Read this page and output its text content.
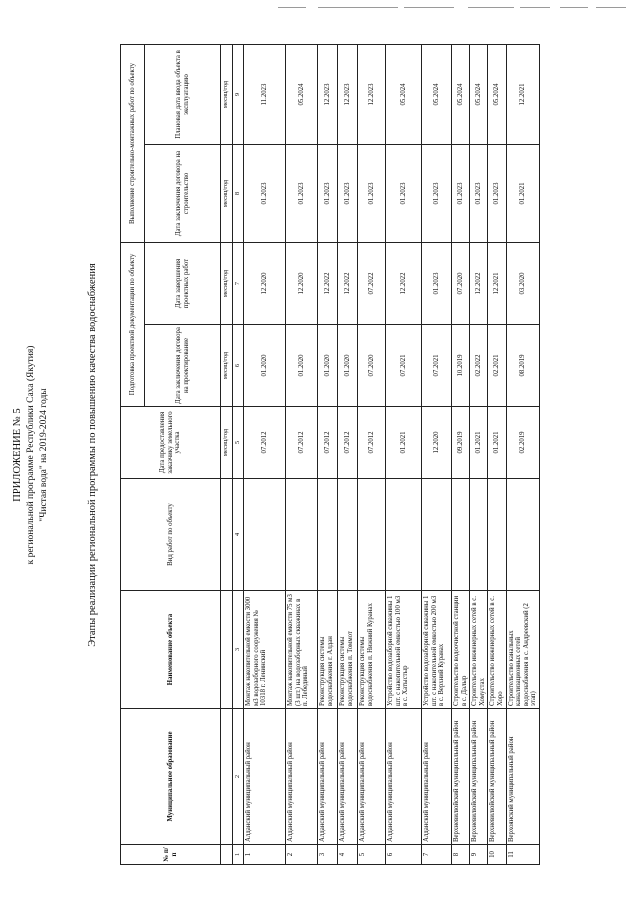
ПРИЛОЖЕНИЕ № 5 к региональной программе Республики Саха (Якутия) "Чистая вода" на 2019-2024 годы	Этапы реализации региональной программы по повышению качества водоснабжения
№ п/п	Муниципальное образование	Наименование объекта	Вид работ по объекту	Дата предоставления заказчику земельного участка	Подготовка проектной документации по объекту		Выполнение строительно-монтажных работ по объекту	
					Дата заключения договора на проектирование	Дата завершения проектных работ	Дата заключения договора на строительство	Плановая дата ввода объекта в эксплуатацию
				месяц/год	месяц/год	месяц/год	месяц/год	месяц/год
1	2	3	4	5	6	7	8	9
1	Алданский муниципальный район	Монтаж накопительной емкости 3000 м3 водозаборного сооружения № 10318 г. Ленинский		07.2012	01.2020	12.2020	01.2023	11.2023
2	Алданский муниципальный район	Монтаж накопительной емкости 75 м3 (3 шт.) на водозаборных скважинах в п. Лебединый		07.2012	01.2020	12.2020	01.2023	05.2024
3	Алданский муниципальный район	Реконструкция системы водоснабжения г. Алдан		07.2012	01.2020	12.2022	01.2023	12.2023
4	Алданский муниципальный район	Реконструкция системы водоснабжения п. Томмот		07.2012	01.2020	12.2022	01.2023	12.2023
5	Алданский муниципальный район	Реконструкция системы водоснабжения п. Нижний Куранах		07.2012	07.2020	07.2022	01.2023	12.2023
6	Алданский муниципальный район	Устройство водозаборной скважины 1 шт. с накопительной емкостью 100 м3 в с. Хатыстыр		01.2021	07.2021	12.2022	01.2023	05.2024
7	Алданский муниципальный район	Устройство водозаборной скважины 1 шт. с накопительной емкостью 200 м3 в с. Верхний Куранах		12.2020	07.2021	01.2023	01.2023	05.2024
8	Верхневилюйский муниципальный район	Строительство водоочистной станции в с. Далыр		09.2019	10.2019	07.2020	01.2023	05.2024
9	Верхневилюйский муниципальный район	Строительство инженерных сетей в с. Хомустах		01.2021	02.2022	12.2022	01.2023	05.2024
10	Верхневилюйский муниципальный район	Строительство инженерных сетей в с. Хоро		01.2021	02.2021	12.2021	01.2023	05.2024
11	Верхоянский муниципальный район	Строительство канальных канализационных сетей водоснабжения в с. Андреевский (2 этап)		02.2019	08.2019	03.2020	01.2021	12.2021
